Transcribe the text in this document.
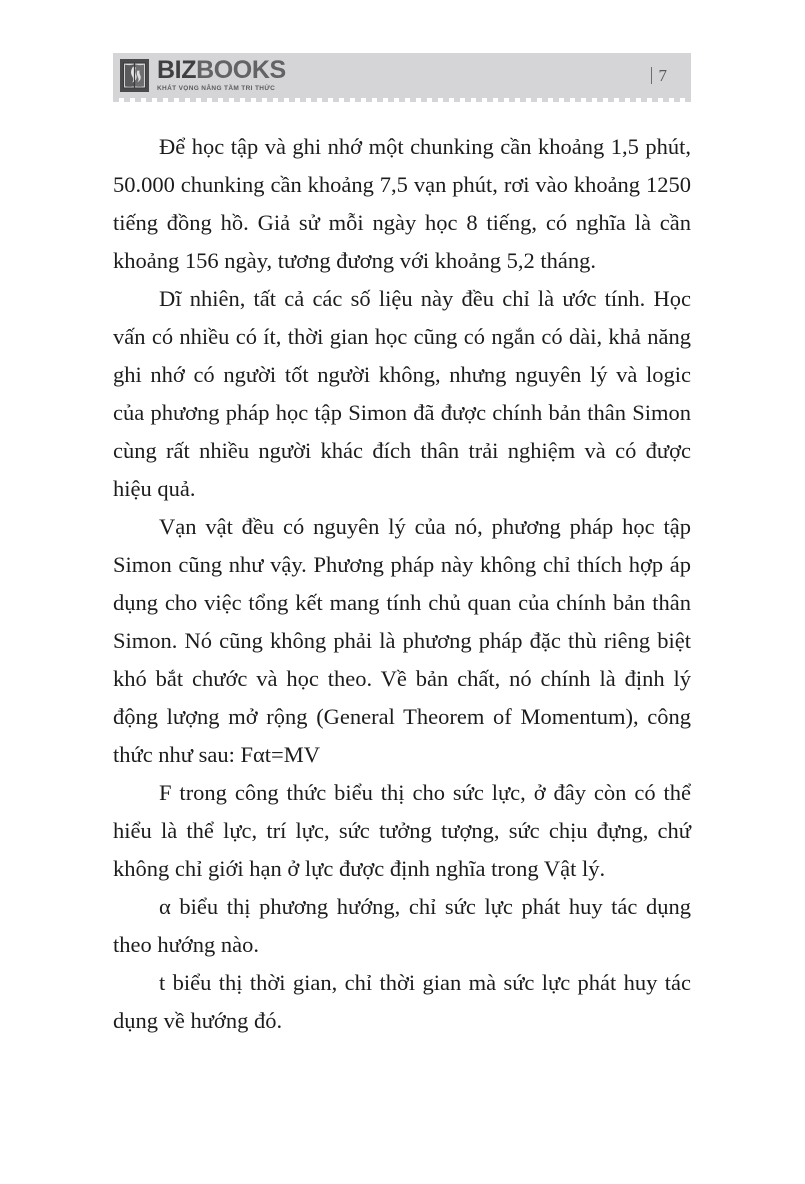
BIZBOOKS
KHÁT VỌNG NÂNG TẦM TRI THỨC
7

Để học tập và ghi nhớ một chunking cần khoảng 1,5 phút, 50.000 chunking cần khoảng 7,5 vạn phút, rơi vào khoảng 1250 tiếng đồng hồ. Giả sử mỗi ngày học 8 tiếng, có nghĩa là cần khoảng 156 ngày, tương đương với khoảng 5,2 tháng.

Dĩ nhiên, tất cả các số liệu này đều chỉ là ước tính. Học vấn có nhiều có ít, thời gian học cũng có ngắn có dài, khả năng ghi nhớ có người tốt người không, nhưng nguyên lý và logic của phương pháp học tập Simon đã được chính bản thân Simon cùng rất nhiều người khác đích thân trải nghiệm và có được hiệu quả.

Vạn vật đều có nguyên lý của nó, phương pháp học tập Simon cũng như vậy. Phương pháp này không chỉ thích hợp áp dụng cho việc tổng kết mang tính chủ quan của chính bản thân Simon. Nó cũng không phải là phương pháp đặc thù riêng biệt khó bắt chước và học theo. Về bản chất, nó chính là định lý động lượng mở rộng (General Theorem of Momentum), công thức như sau: Fαt=MV

F trong công thức biểu thị cho sức lực, ở đây còn có thể hiểu là thể lực, trí lực, sức tưởng tượng, sức chịu đựng, chứ không chỉ giới hạn ở lực được định nghĩa trong Vật lý.

α biểu thị phương hướng, chỉ sức lực phát huy tác dụng theo hướng nào.

t biểu thị thời gian, chỉ thời gian mà sức lực phát huy tác dụng về hướng đó.
